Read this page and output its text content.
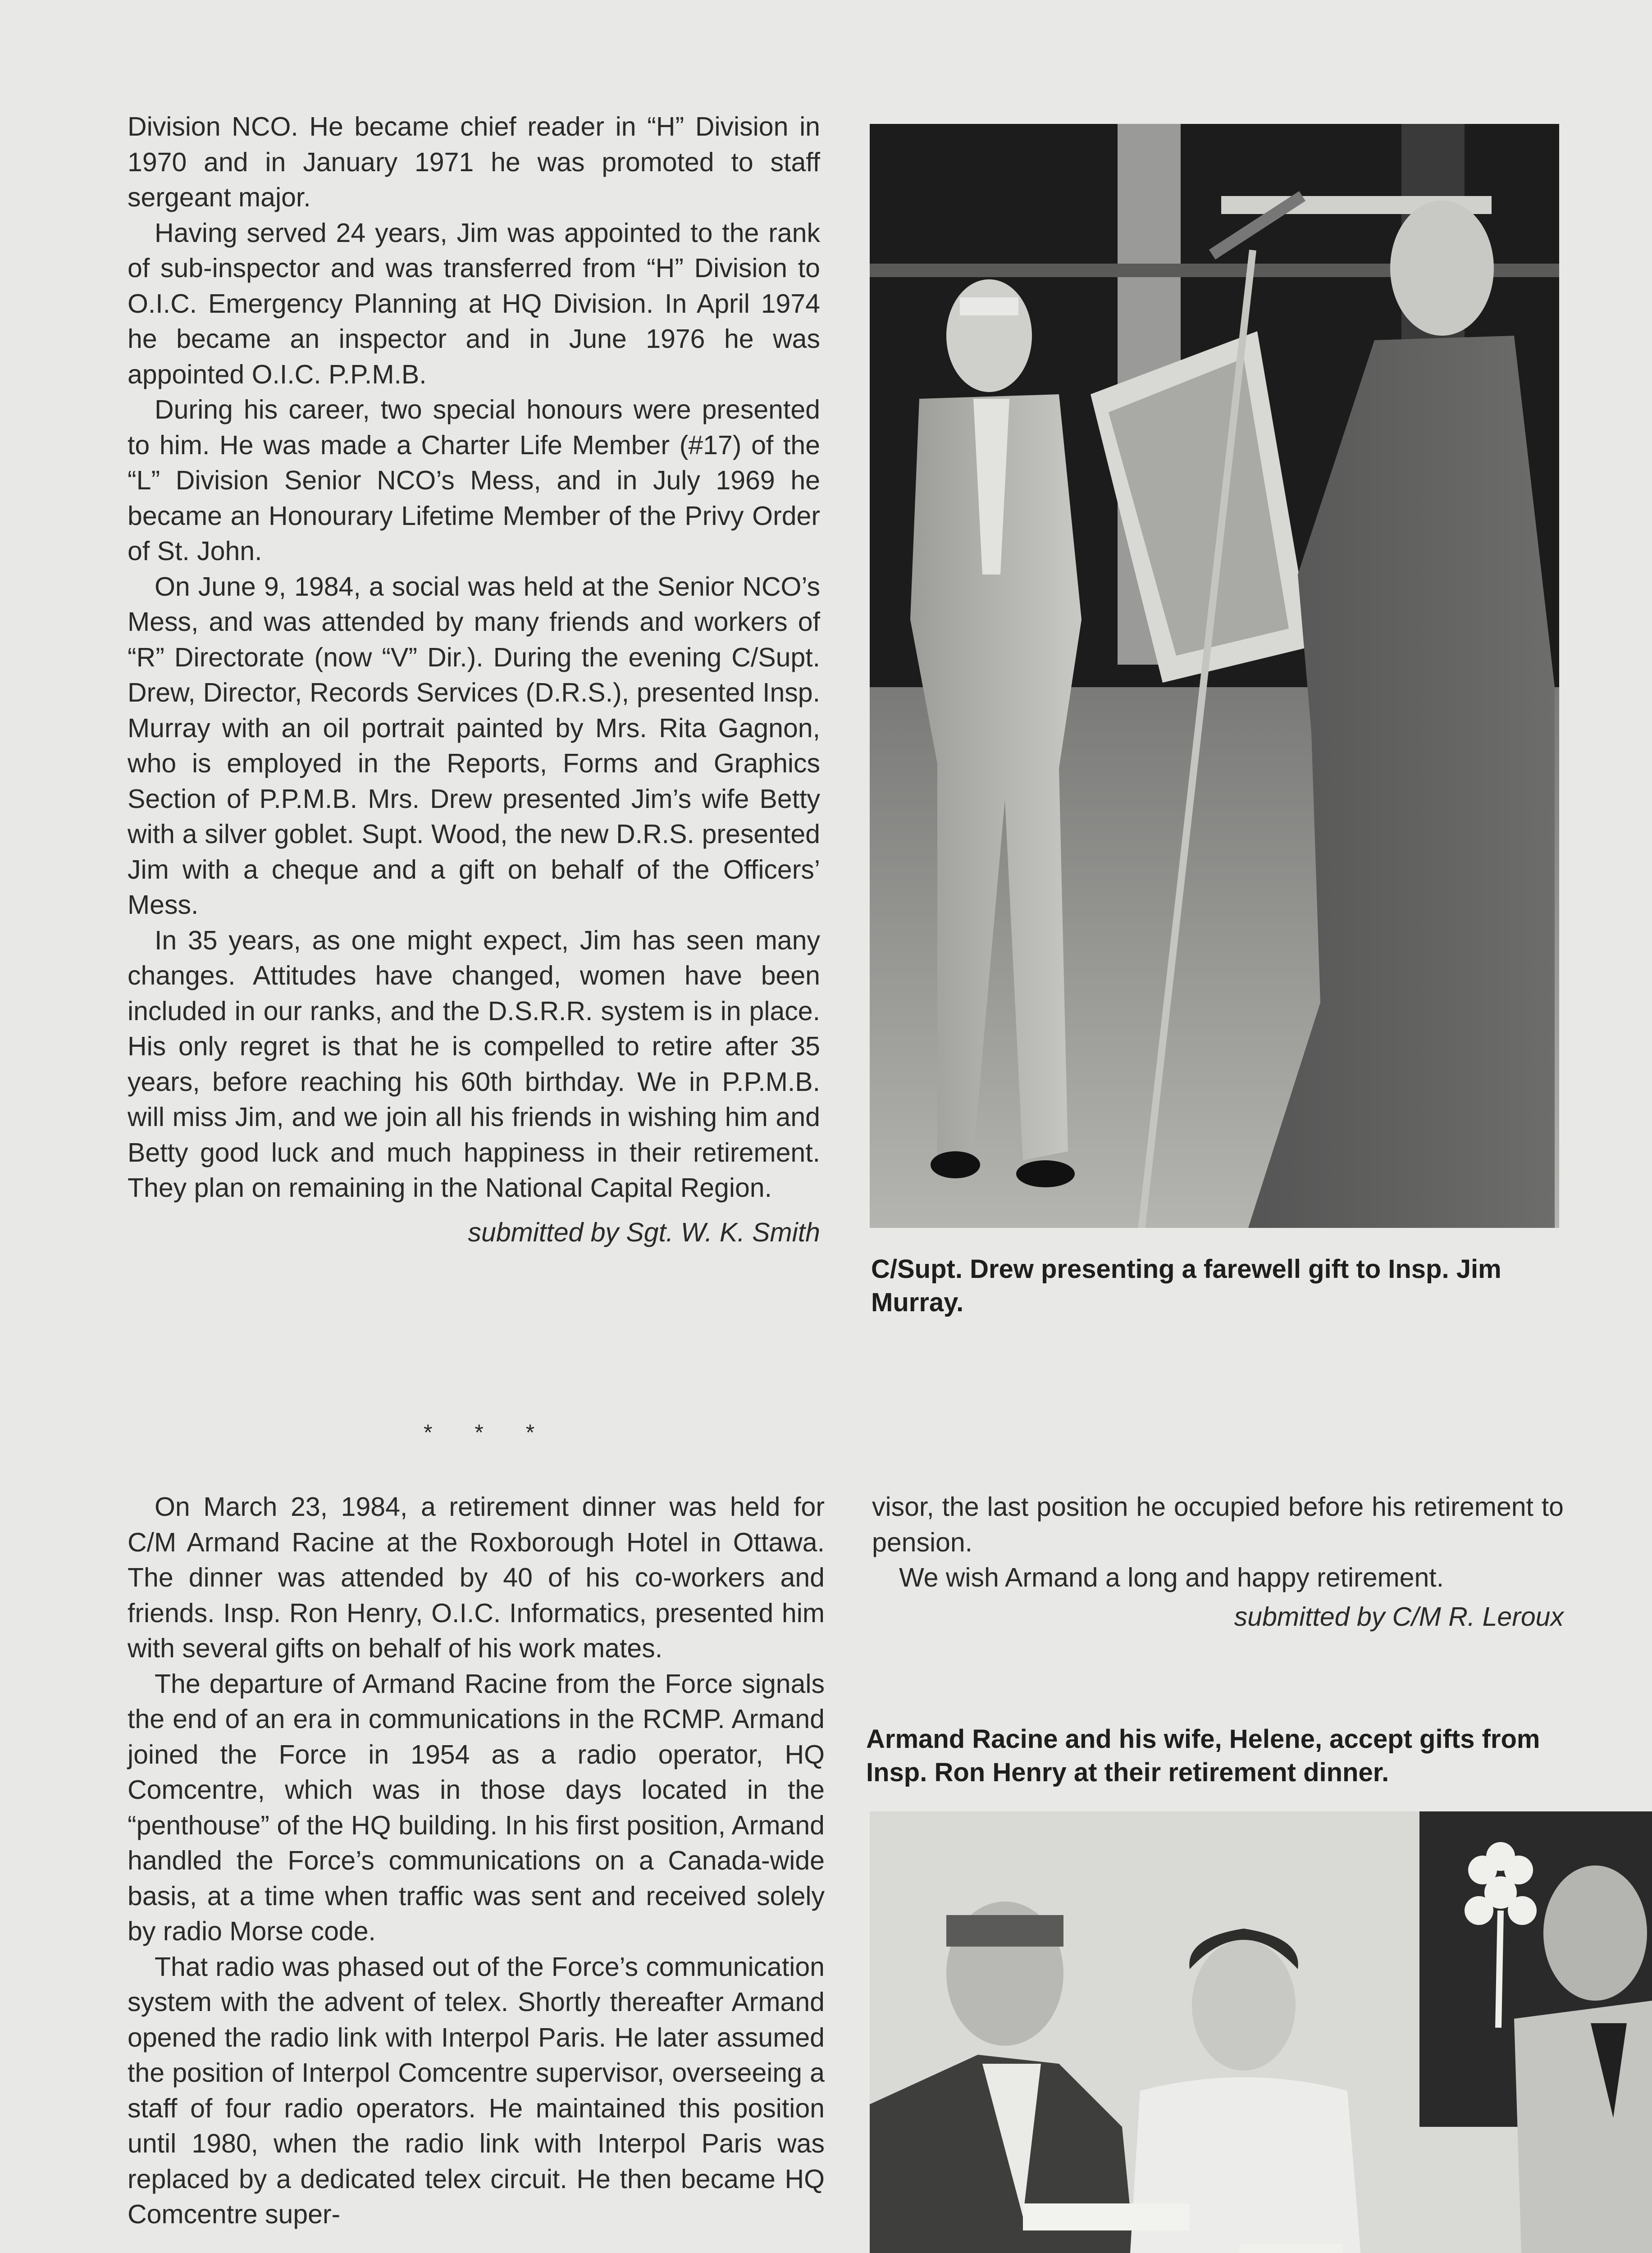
Division NCO. He became chief reader in “H” Division in 1970 and in January 1971 he was promoted to staff sergeant major.

Having served 24 years, Jim was appointed to the rank of sub-inspector and was transferred from “H” Division to O.I.C. Emergency Planning at HQ Division. In April 1974 he became an inspector and in June 1976 he was appointed O.I.C. P.P.M.B.

During his career, two special honours were presented to him. He was made a Charter Life Member (#17) of the “L” Division Senior NCO’s Mess, and in July 1969 he became an Honourary Lifetime Member of the Privy Order of St. John.

On June 9, 1984, a social was held at the Senior NCO’s Mess, and was attended by many friends and workers of “R” Directorate (now “V” Dir.). During the evening C/Supt. Drew, Director, Records Services (D.R.S.), presented Insp. Murray with an oil portrait painted by Mrs. Rita Gagnon, who is employed in the Reports, Forms and Graphics Section of P.P.M.B. Mrs. Drew presented Jim’s wife Betty with a silver goblet. Supt. Wood, the new D.R.S. presented Jim with a cheque and a gift on behalf of the Officers’ Mess.

In 35 years, as one might expect, Jim has seen many changes. Attitudes have changed, women have been included in our ranks, and the D.S.R.R. system is in place. His only regret is that he is compelled to retire after 35 years, before reaching his 60th birthday. We in P.P.M.B. will miss Jim, and we join all his friends in wishing him and Betty good luck and much happiness in their retirement. They plan on remaining in the National Capital Region.

submitted by Sgt. W. K. Smith

* * *

On March 23, 1984, a retirement dinner was held for C/M Armand Racine at the Roxborough Hotel in Ottawa. The dinner was attended by 40 of his co-workers and friends. Insp. Ron Henry, O.I.C. Informatics, presented him with several gifts on behalf of his work mates.

The departure of Armand Racine from the Force signals the end of an era in communications in the RCMP. Armand joined the Force in 1954 as a radio operator, HQ Comcentre, which was in those days located in the “penthouse” of the HQ building. In his first position, Armand handled the Force’s communications on a Canada-wide basis, at a time when traffic was sent and received solely by radio Morse code.

That radio was phased out of the Force’s communication system with the advent of telex. Shortly thereafter Armand opened the radio link with Interpol Paris. He later assumed the position of Interpol Comcentre supervisor, overseeing a staff of four radio operators. He maintained this position until 1980, when the radio link with Interpol Paris was replaced by a dedicated telex circuit. He then became HQ Comcentre super-

visor, the last position he occupied before his retirement to pension.

We wish Armand a long and happy retirement.

submitted by C/M R. Leroux

C/Supt. Drew presenting a farewell gift to Insp. Jim Murray.
Armand Racine and his wife, Helene, accept gifts from Insp. Ron Henry at their retirement dinner.
